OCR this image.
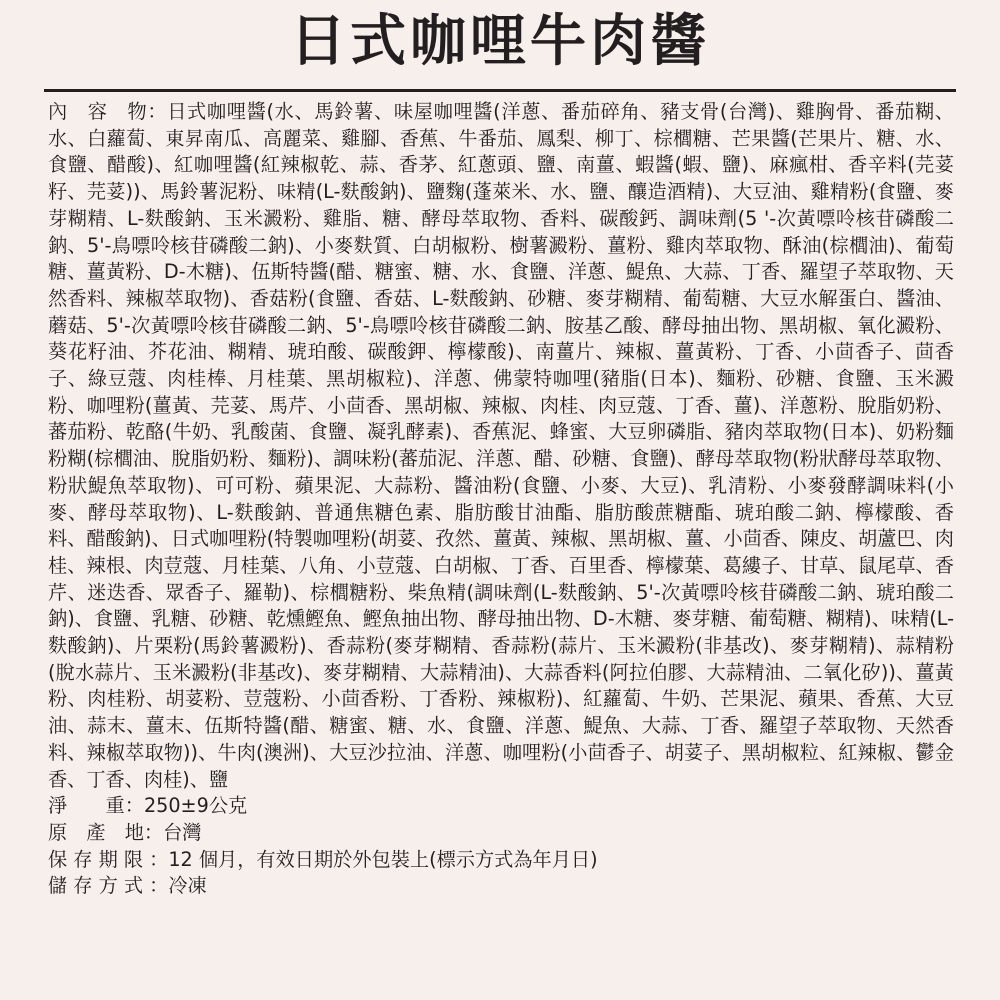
日式咖哩牛肉醬

內　容　物：日式咖哩醬(水、馬鈴薯、味屋咖哩醬(洋蔥、番茄碎角、豬支骨(台灣)、雞胸骨、番茄糊、水、白蘿蔔、東昇南瓜、高麗菜、雞腳、香蕉、牛番茄、鳳梨、柳丁、棕櫚糖、芒果醬(芒果片、糖、水、食鹽、醋酸)、紅咖哩醬(紅辣椒乾、蒜、香茅、紅蔥頭、鹽、南薑、蝦醬(蝦、鹽)、麻瘋柑、香辛料(芫荽籽、芫荽))、馬鈴薯泥粉、味精(L-麩酸鈉)、鹽麴(蓬萊米、水、鹽、釀造酒精)、大豆油、雞精粉(食鹽、麥芽糊精、L-麩酸鈉、玉米澱粉、雞脂、糖、酵母萃取物、香料、碳酸鈣、調味劑(5 '-次黃嘌呤核苷磷酸二鈉、5'-鳥嘌呤核苷磷酸二鈉)、小麥麩質、白胡椒粉、樹薯澱粉、薑粉、雞肉萃取物、酥油(棕櫚油)、葡萄糖、薑黃粉、D-木糖)、伍斯特醬(醋、糖蜜、糖、水、食鹽、洋蔥、鯷魚、大蒜、丁香、羅望子萃取物、天然香料、辣椒萃取物)、香菇粉(食鹽、香菇、L-麩酸鈉、砂糖、麥芽糊精、葡萄糖、大豆水解蛋白、醬油、蘑菇、5'-次黃嘌呤核苷磷酸二鈉、5'-鳥嘌呤核苷磷酸二鈉、胺基乙酸、酵母抽出物、黑胡椒、氧化澱粉、葵花籽油、芥花油、糊精、琥珀酸、碳酸鉀、檸檬酸)、南薑片、辣椒、薑黃粉、丁香、小茴香子、茴香子、綠豆蔻、肉桂棒、月桂葉、黑胡椒粒)、洋蔥、佛蒙特咖哩(豬脂(日本)、麵粉、砂糖、食鹽、玉米澱粉、咖哩粉(薑黃、芫荽、馬芹、小茴香、黑胡椒、辣椒、肉桂、肉豆蔻、丁香、薑)、洋蔥粉、脫脂奶粉、蕃茄粉、乾酪(牛奶、乳酸菌、食鹽、凝乳酵素)、香蕉泥、蜂蜜、大豆卵磷脂、豬肉萃取物(日本)、奶粉麵粉糊(棕櫚油、脫脂奶粉、麵粉)、調味粉(蕃茄泥、洋蔥、醋、砂糖、食鹽)、酵母萃取物(粉狀酵母萃取物、粉狀鯷魚萃取物)、可可粉、蘋果泥、大蒜粉、醬油粉(食鹽、小麥、大豆)、乳清粉、小麥發酵調味料(小麥、酵母萃取物)、L-麩酸鈉、普通焦糖色素、脂肪酸甘油酯、脂肪酸蔗糖酯、琥珀酸二鈉、檸檬酸、香料、醋酸鈉)、日式咖哩粉(特製咖哩粉(胡荽、孜然、薑黃、辣椒、黑胡椒、薑、小茴香、陳皮、胡蘆巴、肉桂、辣根、肉荳蔻、月桂葉、八角、小荳蔻、白胡椒、丁香、百里香、檸檬葉、葛縷子、甘草、鼠尾草、香芹、迷迭香、眾香子、羅勒)、棕櫚糖粉、柴魚精(調味劑(L-麩酸鈉、5'-次黃嘌呤核苷磷酸二鈉、琥珀酸二鈉)、食鹽、乳糖、砂糖、乾燻鰹魚、鰹魚抽出物、酵母抽出物、D-木糖、麥芽糖、葡萄糖、糊精)、味精(L-麩酸鈉)、片栗粉(馬鈴薯澱粉)、香蒜粉(麥芽糊精、香蒜粉(蒜片、玉米澱粉(非基改)、麥芽糊精)、蒜精粉(脫水蒜片、玉米澱粉(非基改)、麥芽糊精、大蒜精油)、大蒜香料(阿拉伯膠、大蒜精油、二氧化矽))、薑黃粉、肉桂粉、胡荽粉、荳蔻粉、小茴香粉、丁香粉、辣椒粉)、紅蘿蔔、牛奶、芒果泥、蘋果、香蕉、大豆油、蒜末、薑末、伍斯特醬(醋、糖蜜、糖、水、食鹽、洋蔥、鯷魚、大蒜、丁香、羅望子萃取物、天然香料、辣椒萃取物))、牛肉(澳洲)、大豆沙拉油、洋蔥、咖哩粉(小茴香子、胡荽子、黑胡椒粒、紅辣椒、鬱金香、丁香、肉桂)、鹽

淨　　重：250±9公克

原　產　地：台灣

保 存 期 限 ：12 個月，有效日期於外包裝上(標示方式為年月日)

儲 存 方 式 ：冷凍
